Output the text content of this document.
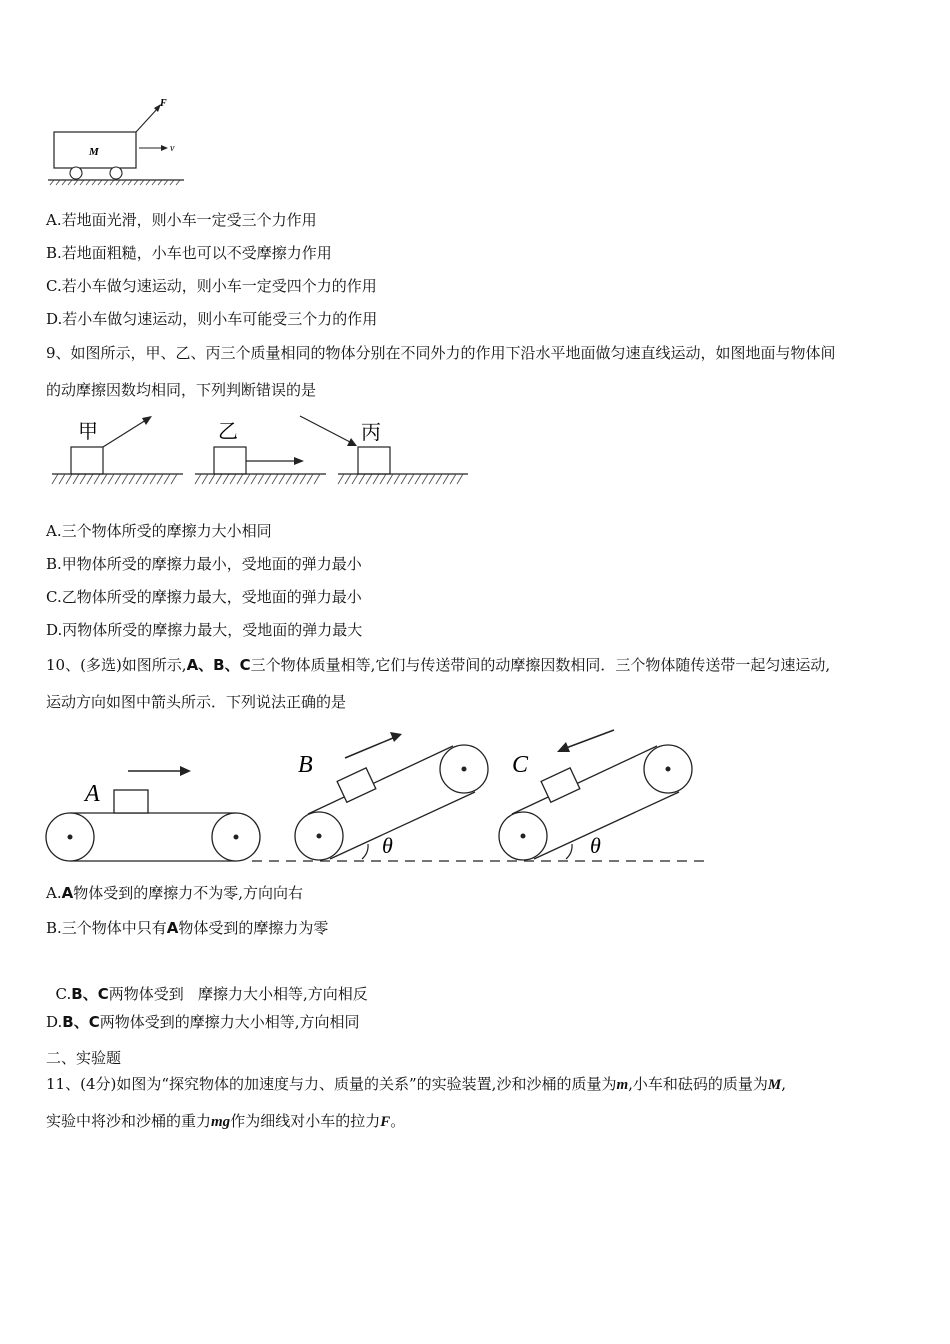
M
F
v
A.若地面光滑，则小车一定受三个力作用
B.若地面粗糙，小车也可以不受摩擦力作用
C.若小车做匀速运动，则小车一定受四个力的作用
D.若小车做匀速运动，则小车可能受三个力的作用
9、如图所示，甲、乙、丙三个质量相同的物体分别在不同外力的作用下沿水平地面做匀速直线运动，如图地面与物体间
的动摩擦因数均相同，下列判断错误的是
甲	乙	丙
A.三个物体所受的摩擦力大小相同
B.甲物体所受的摩擦力最小，受地面的弹力最小
C.乙物体所受的摩擦力最大，受地面的弹力最小
D.丙物体所受的摩擦力最大，受地面的弹力最大
10、(多选)如图所示,A、B、C三个物体质量相等,它们与传送带间的动摩擦因数相同．三个物体随传送带一起匀速运动,
运动方向如图中箭头所示．下列说法正确的是
A
B
θ
C
θ
A.A物体受到的摩擦力不为零,方向向右
B.三个物体中只有A物体受到的摩擦力为零

C.B、C两物体受到   摩擦力大小相等,方向相反

D.B、C两物体受到的摩擦力大小相等,方向相同
二、实验题
11、(4分)如图为“探究物体的加速度与力、质量的关系”的实验装置,沙和沙桶的质量为m,小车和砝码的质量为M,
实验中将沙和沙桶的重力mg作为细线对小车的拉力F。
